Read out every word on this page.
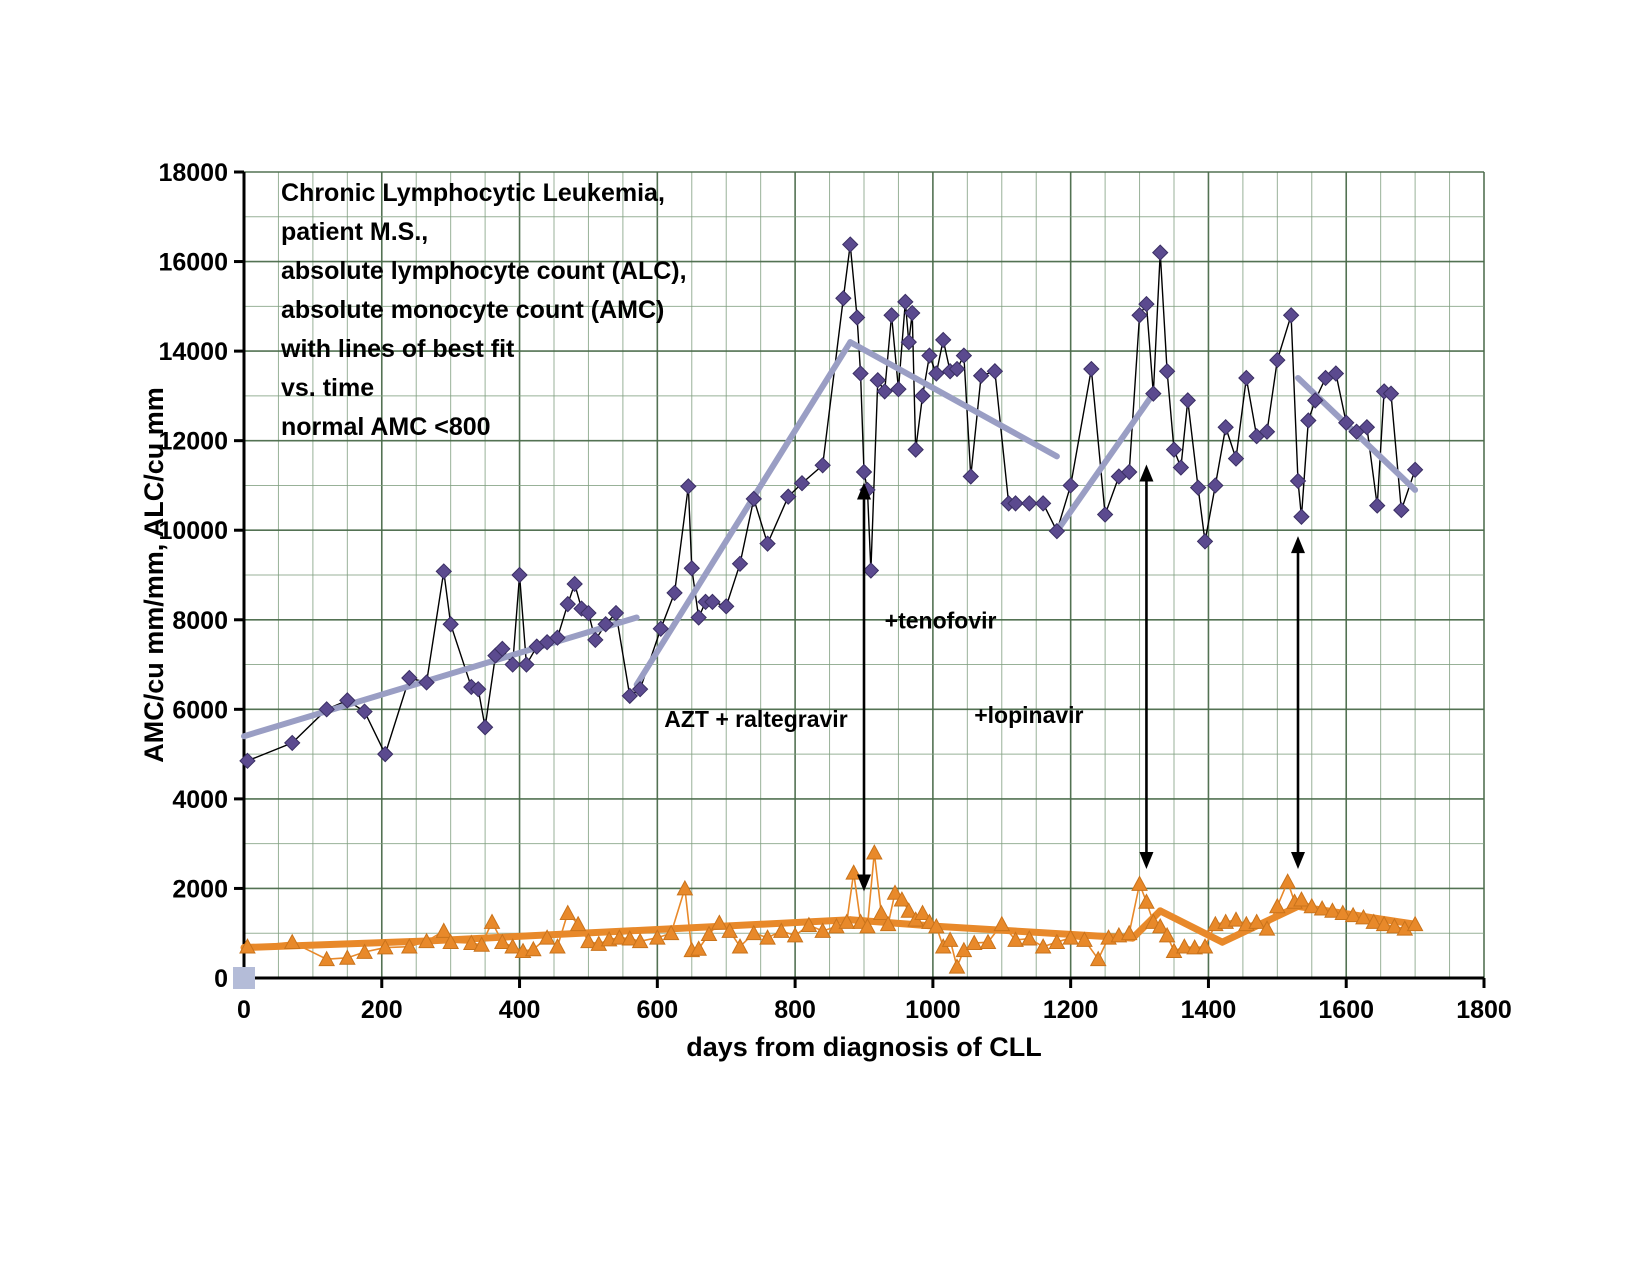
0	200	400	600	800	1000	1200	1400	1600	1800
0
2000
4000
6000
8000
10000
12000
14000
16000
18000
days from diagnosis of CLL
AMC/cu mm/mm, ALC/cu mm
Chronic Lymphocytic Leukemia,
patient M.S.,
absolute lymphocyte count (ALC),
absolute monocyte count (AMC)
with lines of best fit
vs. time
normal AMC <800
AZT + raltegravir
+tenofovir
+lopinavir
